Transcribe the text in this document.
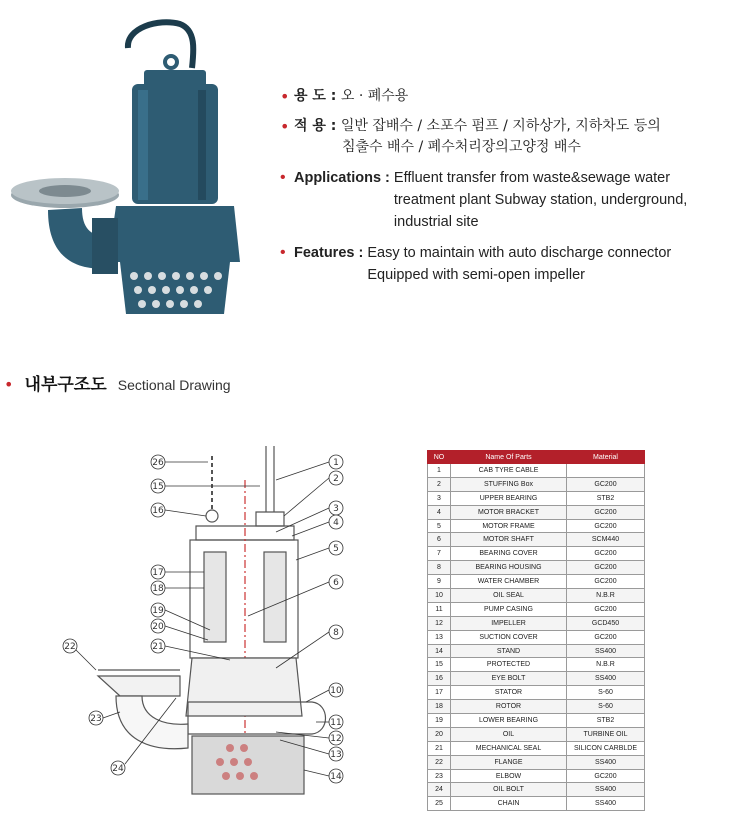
• 용 도 : 오 · 폐수용
• 적 용 : 일반 잡배수 / 소포수 펌프 / 지하상가, 지하차도 등의
침출수 배수 / 폐수처리장의고양정 배수
• Applications : Effluent transfer from waste&sewage water
treatment plant Subway station, underground,
industrial site
• Features : Easy to maintain with auto discharge connector
Equipped with semi-open impeller
• 내부구조도 Sectional Drawing
26
15
16
17
18
19
20
21
23
24
1
2
3
4
5
6
8
10
11
12
13
14
22
NO	Name Of Parts	Material
1	CAB TYRE CABLE	
2	STUFFING Box	GC200
3	UPPER BEARING	STB2
4	MOTOR BRACKET	GC200
5	MOTOR FRAME	GC200
6	MOTOR SHAFT	SCM440
7	BEARING COVER	GC200
8	BEARING HOUSING	GC200
9	WATER CHAMBER	GC200
10	OIL SEAL	N.B.R
11	PUMP CASING	GC200
12	IMPELLER	GCD450
13	SUCTION COVER	GC200
14	STAND	SS400
15	PROTECTED	N.B.R
16	EYE BOLT	SS400
17	STATOR	S-60
18	ROTOR	S-60
19	LOWER BEARING	STB2
20	OIL	TURBINE OIL
21	MECHANICAL SEAL	SILICON CARBLDE
22	FLANGE	SS400
23	ELBOW	GC200
24	OIL BOLT	SS400
25	CHAIN	SS400
